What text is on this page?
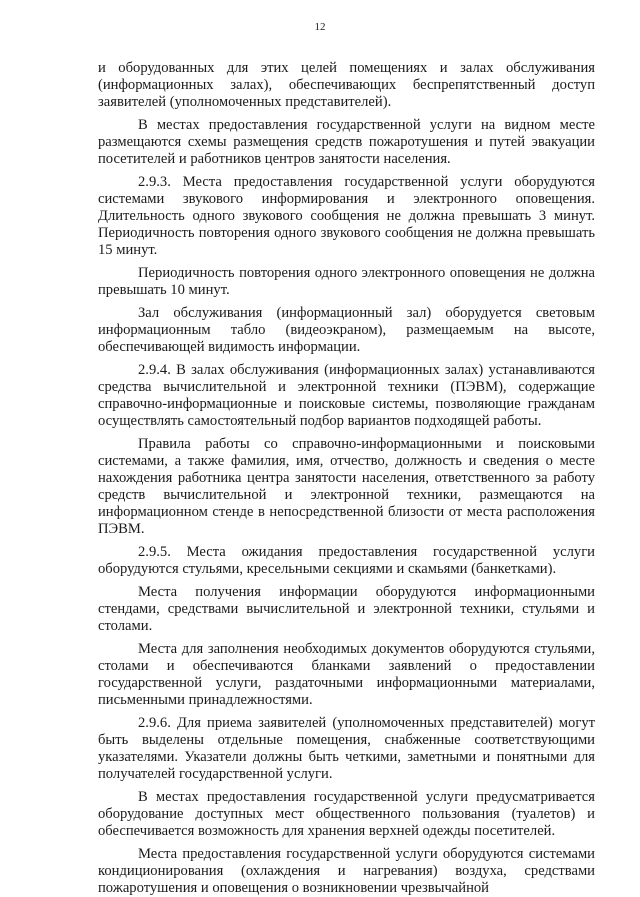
12

и оборудованных для этих целей помещениях и залах обслуживания (информационных залах), обеспечивающих беспрепятственный доступ заявителей (уполномоченных представителей).

В местах предоставления государственной услуги на видном месте размещаются схемы размещения средств пожаротушения и путей эвакуации посетителей и работников центров занятости населения.

2.9.3. Места предоставления государственной услуги оборудуются системами звукового информирования и электронного оповещения. Длительность одного звукового сообщения не должна превышать 3 минут. Периодичность повторения одного звукового сообщения не должна превышать 15 минут.

Периодичность повторения одного электронного оповещения не должна превышать 10 минут.

Зал обслуживания (информационный зал) оборудуется световым информационным табло (видеоэкраном), размещаемым на высоте, обеспечивающей видимость информации.

2.9.4. В залах обслуживания (информационных залах) устанавливаются средства вычислительной и электронной техники (ПЭВМ), содержащие справочно-информационные и поисковые системы, позволяющие гражданам осуществлять самостоятельный подбор вариантов подходящей работы.

Правила работы со справочно-информационными и поисковыми системами, а также фамилия, имя, отчество, должность и сведения о месте нахождения работника центра занятости населения, ответственного за работу средств вычислительной и электронной техники, размещаются на информационном стенде в непосредственной близости от места расположения ПЭВМ.

2.9.5. Места ожидания предоставления государственной услуги оборудуются стульями, кресельными секциями и скамьями (банкетками).

Места получения информации оборудуются информационными стендами, средствами вычислительной и электронной техники, стульями и столами.

Места для заполнения необходимых документов оборудуются стульями, столами и обеспечиваются бланками заявлений о предоставлении государственной услуги, раздаточными информационными материалами, письменными принадлежностями.

2.9.6. Для приема заявителей (уполномоченных представителей) могут быть выделены отдельные помещения, снабженные соответствующими указателями. Указатели должны быть четкими, заметными и понятными для получателей государственной услуги.

В местах предоставления государственной услуги предусматривается оборудование доступных мест общественного пользования (туалетов) и обеспечивается возможность для хранения верхней одежды посетителей.

Места предоставления государственной услуги оборудуются системами кондиционирования (охлаждения и нагревания) воздуха, средствами пожаротушения и оповещения о возникновении чрезвычайной
